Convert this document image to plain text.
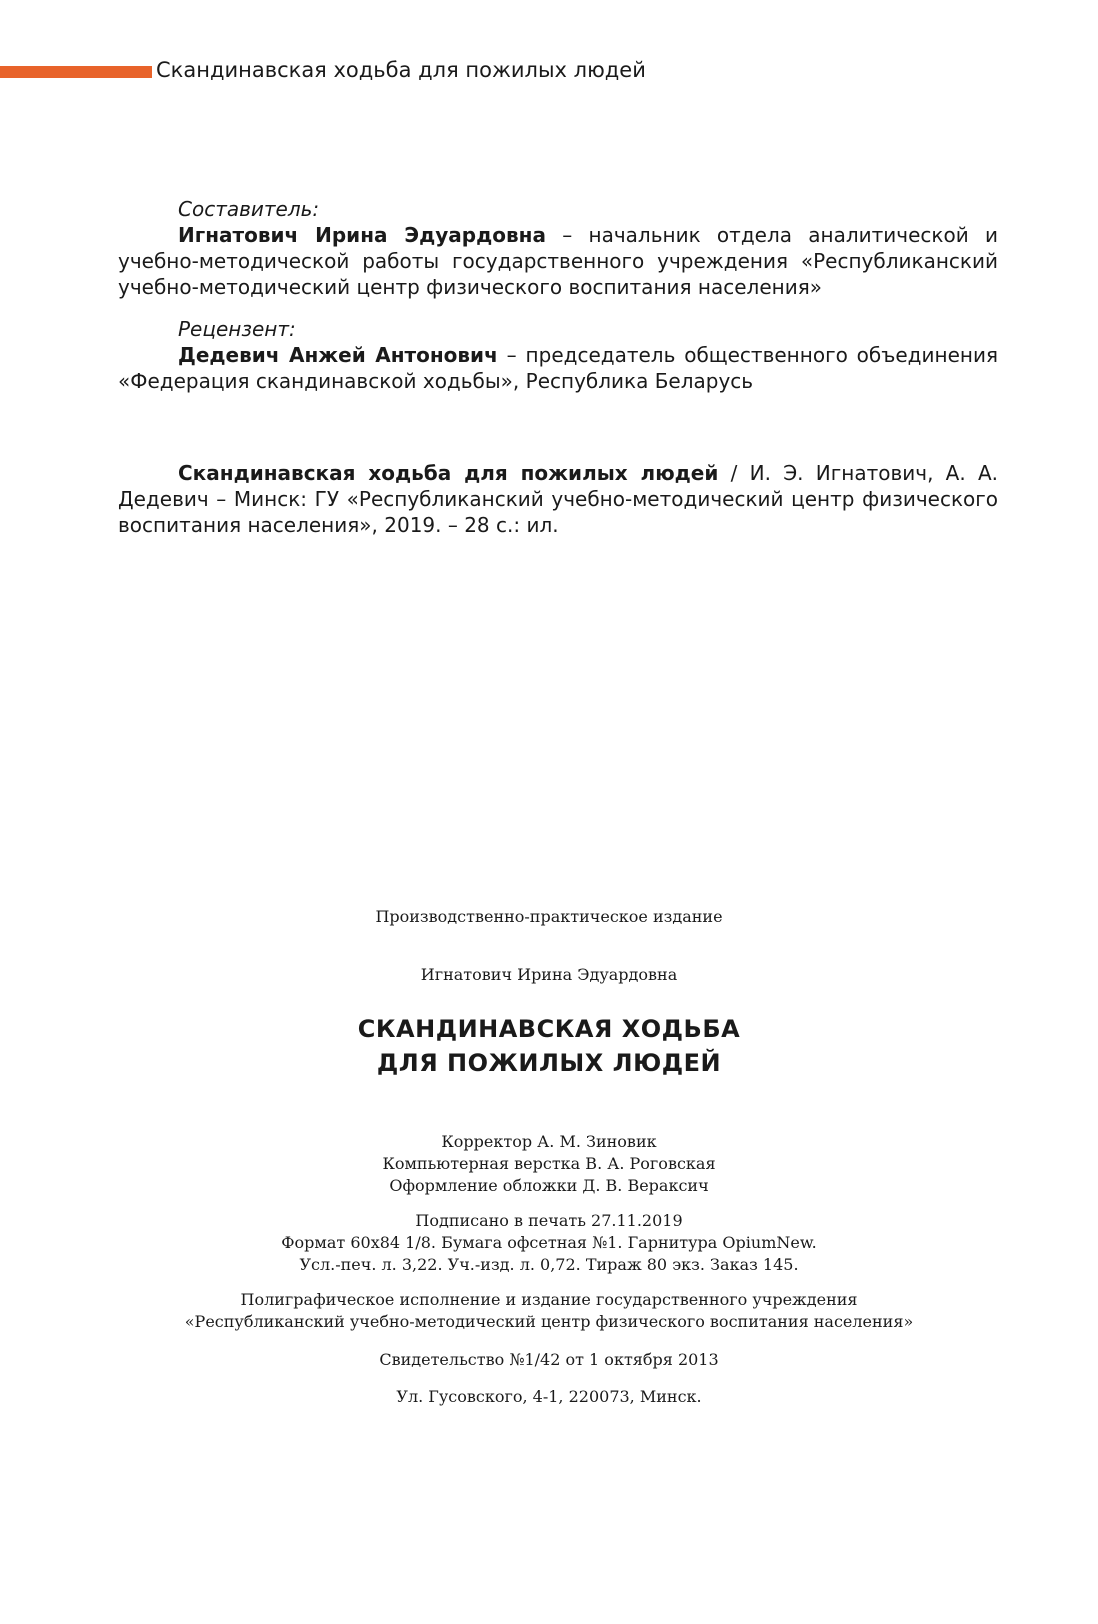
Скандинавская ходьба для пожилых людей
Составитель:
Игнатович Ирина Эдуардовна – начальник отдела аналитической и учебно-методической работы государственного учреждения «Республиканский учебно-методический центр физического воспитания населения»
Рецензент:
Дедевич Анжей Антонович – председатель общественного объединения «Федерация скандинавской ходьбы», Республика Беларусь
Скандинавская ходьба для пожилых людей / И. Э. Игнатович, А. А. Дедевич – Минск: ГУ «Республиканский учебно-методический центр физического воспитания населения», 2019. – 28 с.: ил.
Производственно-практическое издание
Игнатович Ирина Эдуардовна
СКАНДИНАВСКАЯ ХОДЬБА
ДЛЯ ПОЖИЛЫХ ЛЮДЕЙ
Корректор А. М. Зиновик
Компьютерная верстка В. А. Роговская
Оформление обложки Д. В. Вераксич
Подписано в печать 27.11.2019
Формат 60х84 1/8. Бумага офсетная №1. Гарнитура OpiumNew.
Усл.-печ. л. 3,22. Уч.-изд. л. 0,72. Тираж 80 экз. Заказ 145.
Полиграфическое исполнение и издание государственного учреждения
«Республиканский учебно-методический центр физического воспитания населения»
Свидетельство №1/42 от 1 октября 2013
Ул. Гусовского, 4-1, 220073, Минск.
